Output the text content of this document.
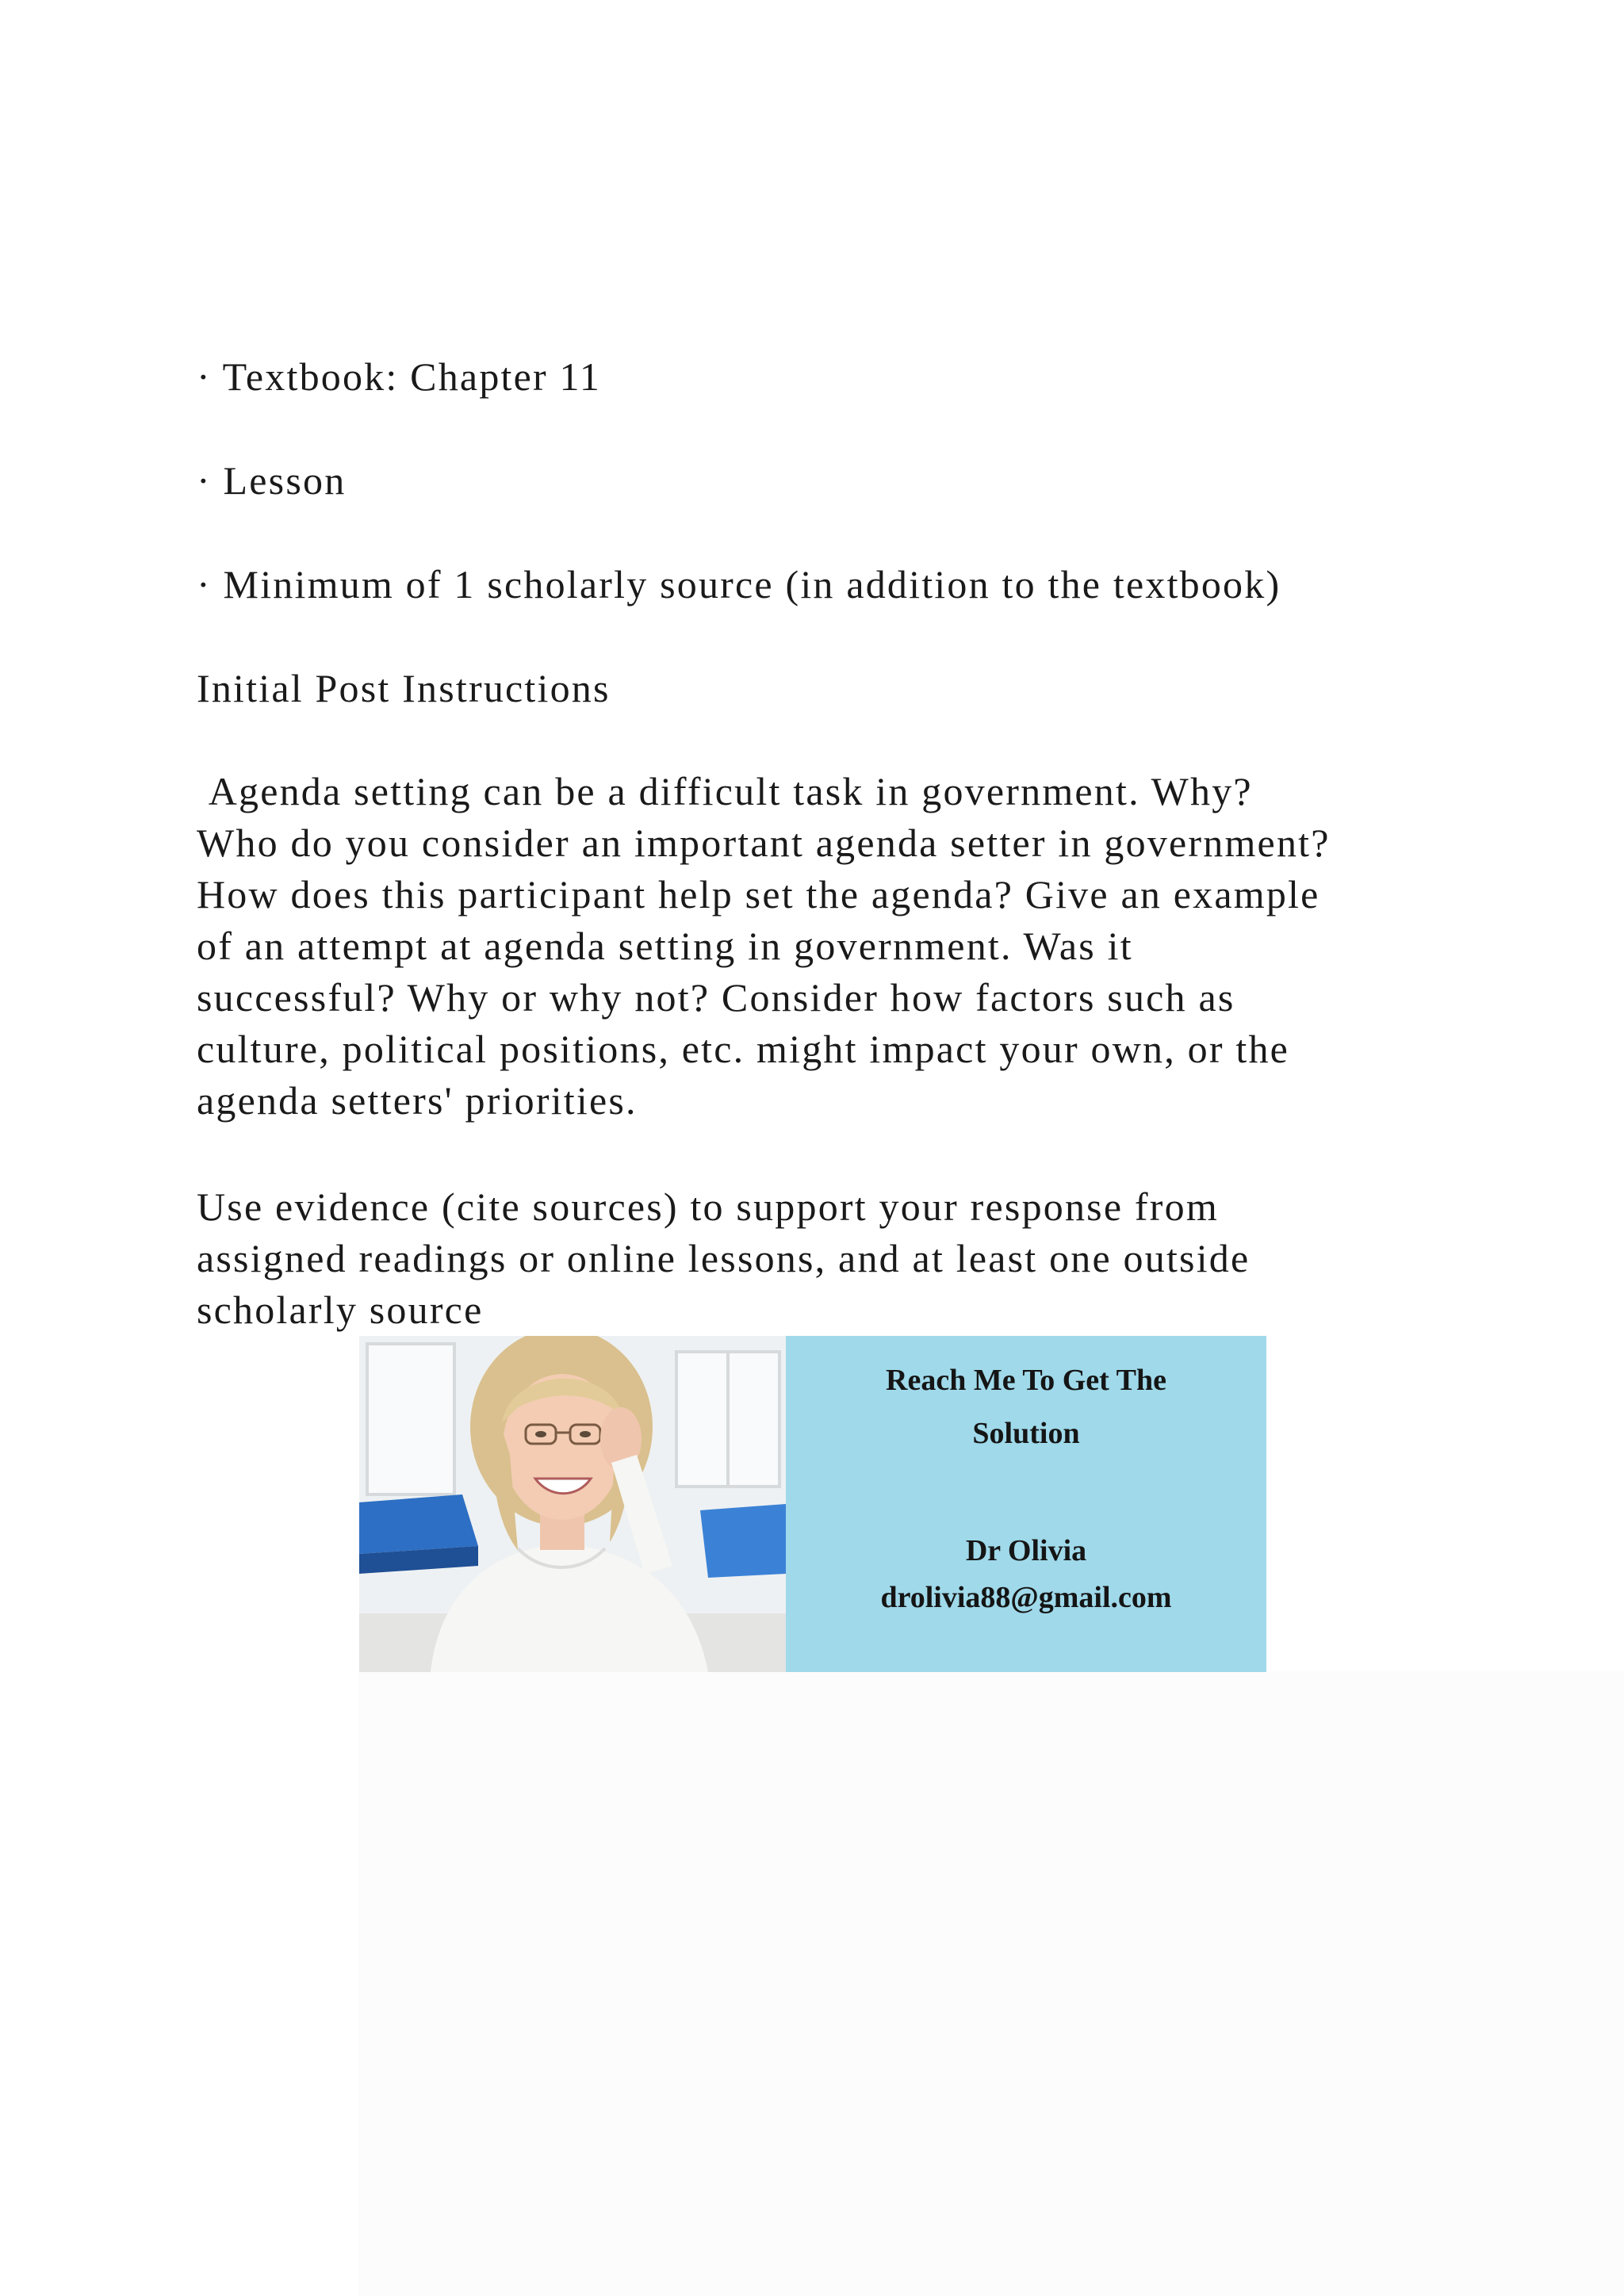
· Textbook: Chapter 11

· Lesson

· Minimum of 1 scholarly source (in addition to the textbook)

Initial Post Instructions

Agenda setting can be a difficult task in government. Why?
Who do you consider an important agenda setter in government?
How does this participant help set the agenda? Give an example
of an attempt at agenda setting in government. Was it
successful? Why or why not? Consider how factors such as
culture, political positions, etc. might impact your own, or the
agenda setters' priorities.

Use evidence (cite sources) to support your response from
assigned readings or online lessons, and at least one outside
scholarly source

Reach Me To Get The
Solution
Dr Olivia
drolivia88@gmail.com
